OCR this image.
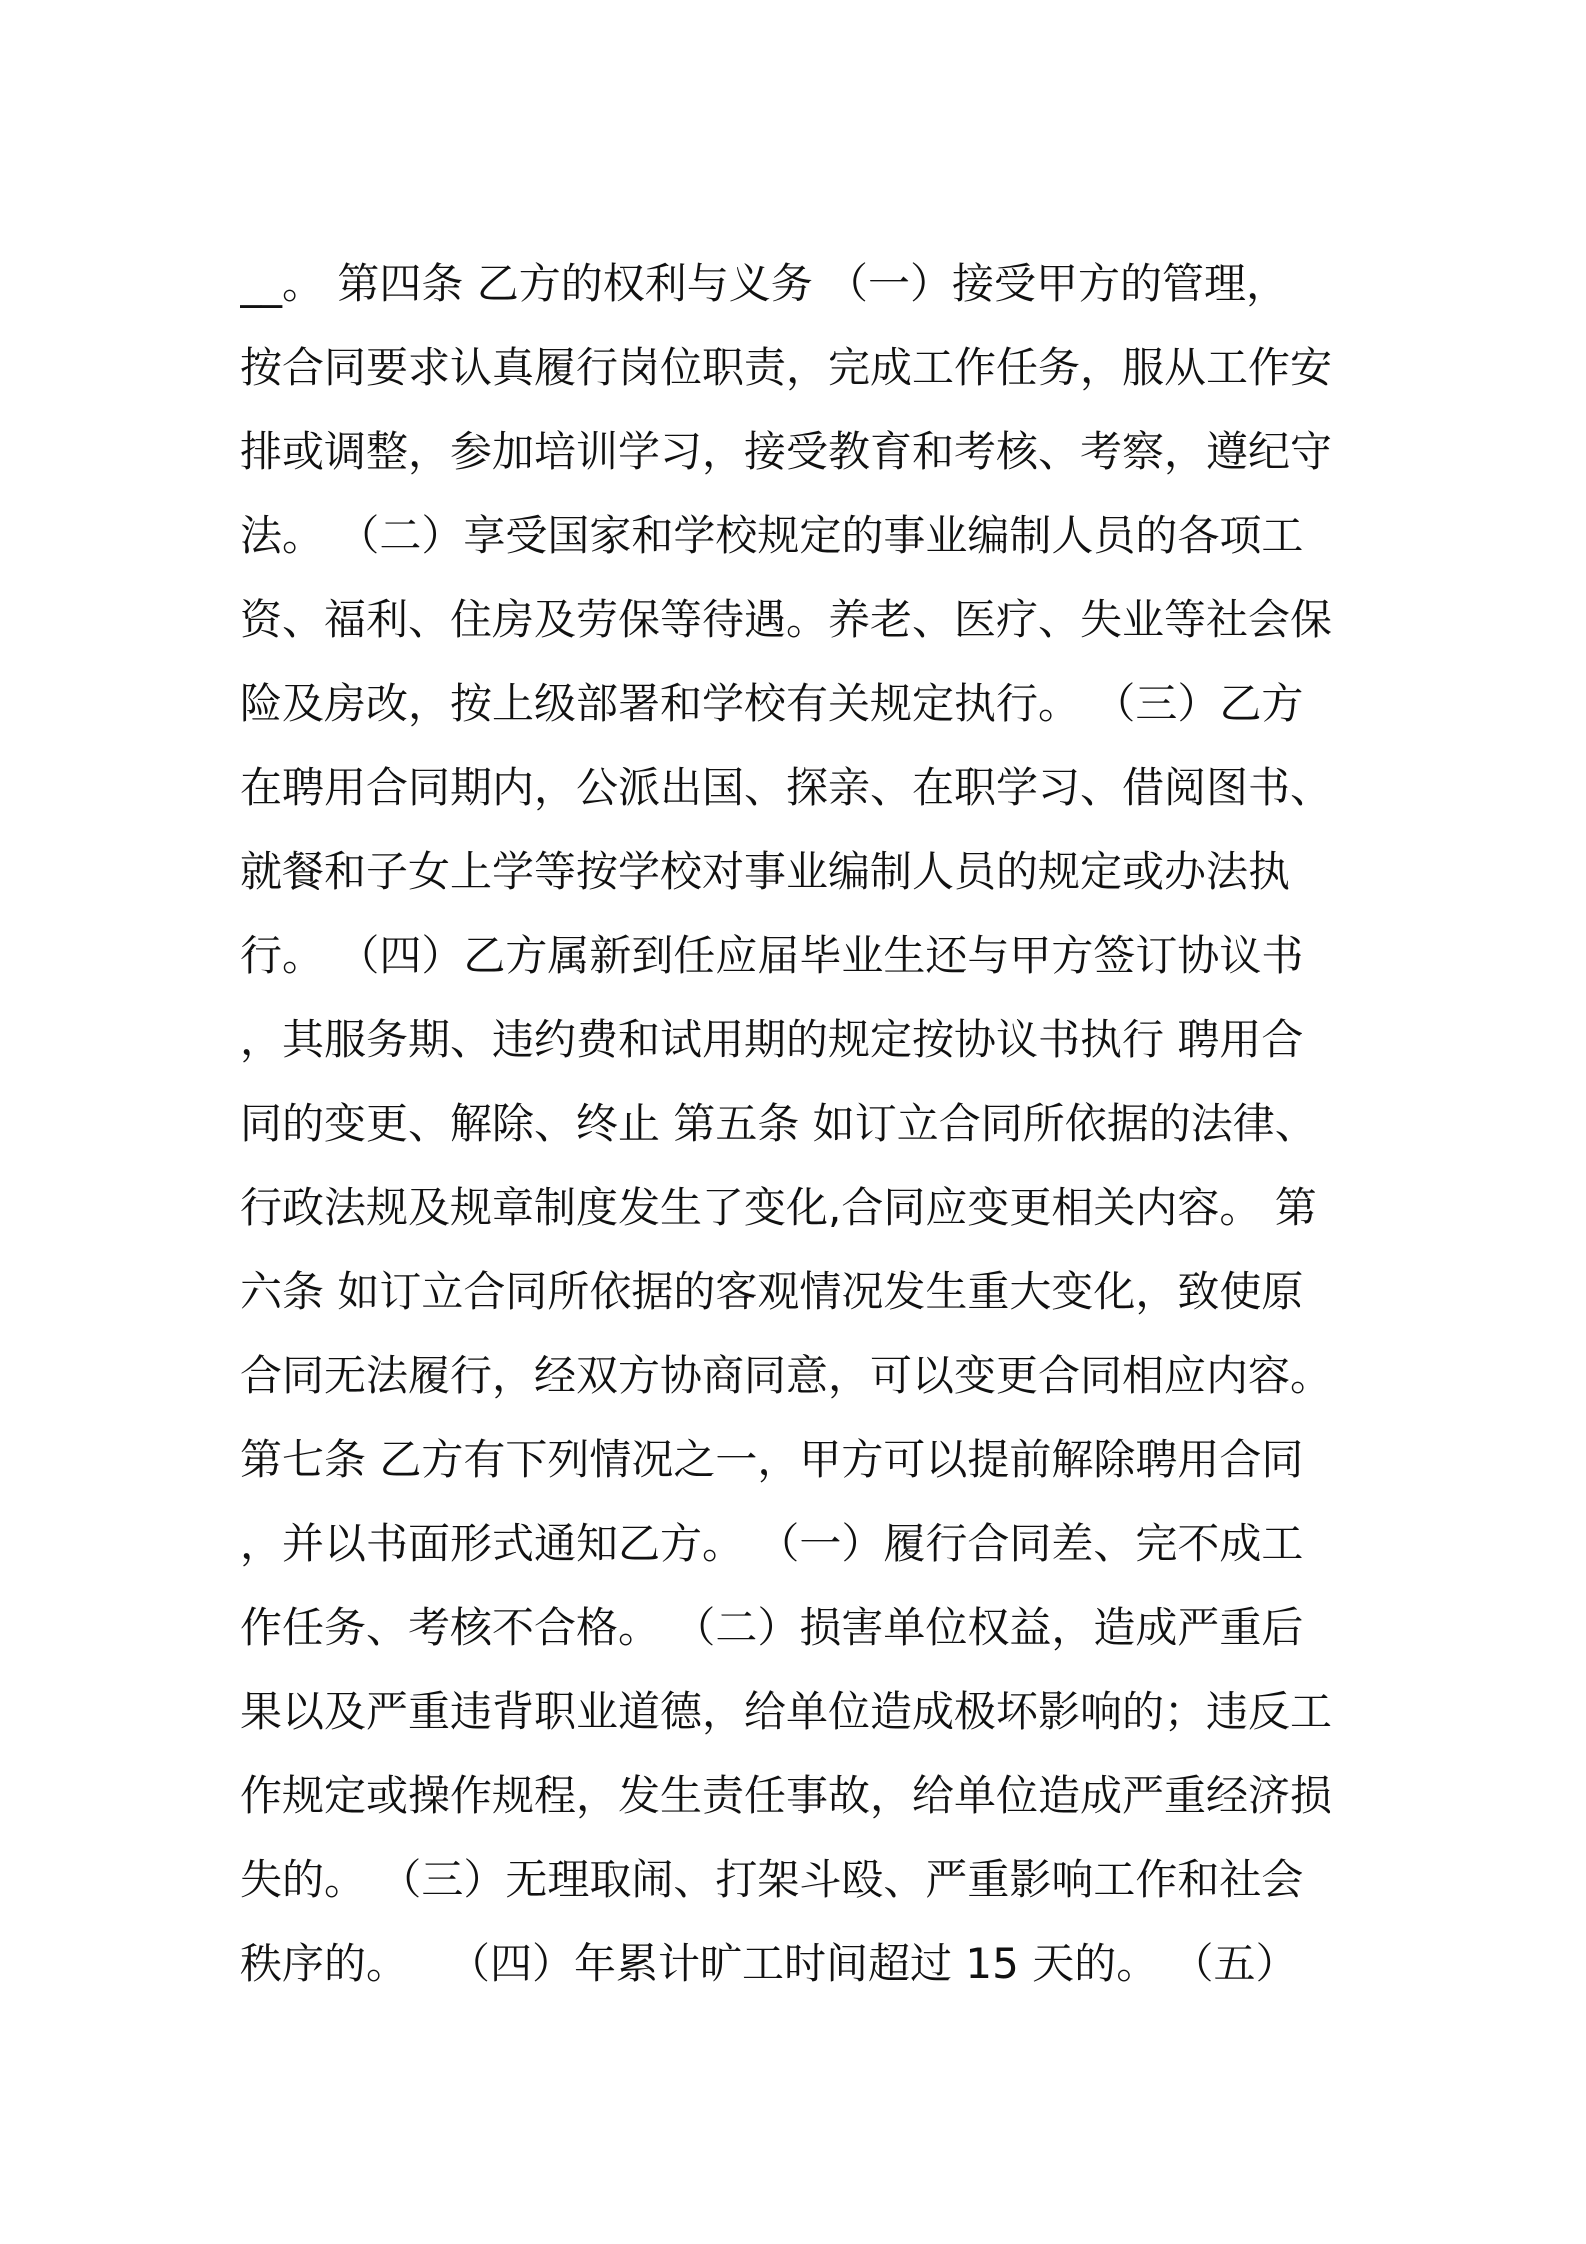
__。 第四条 乙方的权利与义务 （一）接受甲方的管理，
按合同要求认真履行岗位职责，完成工作任务，服从工作安
排或调整，参加培训学习，接受教育和考核、考察，遵纪守
法。 （二）享受国家和学校规定的事业编制人员的各项工
资、福利、住房及劳保等待遇。养老、医疗、失业等社会保
险及房改，按上级部署和学校有关规定执行。 （三）乙方
在聘用合同期内，公派出国、探亲、在职学习、借阅图书、
就餐和子女上学等按学校对事业编制人员的规定或办法执
行。 （四）乙方属新到任应届毕业生还与甲方签订协议书
，其服务期、违约费和试用期的规定按协议书执行 聘用合
同的变更、解除、终止 第五条 如订立合同所依据的法律、
行政法规及规章制度发生了变化,合同应变更相关内容。 第
六条 如订立合同所依据的客观情况发生重大变化，致使原
合同无法履行，经双方协商同意，可以变更合同相应内容。
第七条 乙方有下列情况之一，甲方可以提前解除聘用合同
，并以书面形式通知乙方。 （一）履行合同差、完不成工
作任务、考核不合格。 （二）损害单位权益，造成严重后
果以及严重违背职业道德，给单位造成极坏影响的；违反工
作规定或操作规程，发生责任事故，给单位造成严重经济损
失的。 （三）无理取闹、打架斗殴、严重影响工作和社会
秩序的。   （四）年累计旷工时间超过 15 天的。 （五）
